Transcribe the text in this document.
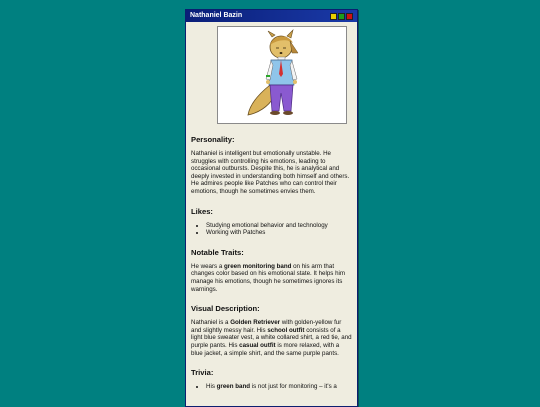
Nathaniel Bazin
Personality:

Nathaniel is intelligent but emotionally unstable. He struggles with controlling his emotions, leading to occasional outbursts. Despite this, he is analytical and deeply invested in understanding both himself and others. He admires people like Patches who can control their emotions, though he sometimes envies them.

Likes:
• Studying emotional behavior and technology
• Working with Patches
Notable Traits:

He wears a green monitoring band on his arm that changes color based on his emotional state. It helps him manage his emotions, though he sometimes ignores its warnings.

Visual Description:

Nathaniel is a Golden Retriever with golden-yellow fur and slightly messy hair. His school outfit consists of a light blue sweater vest, a white collared shirt, a red tie, and purple pants. His casual outfit is more relaxed, with a blue jacket, a simple shirt, and the same purple pants.

Trivia:
• His green band is not just for monitoring – it's a
